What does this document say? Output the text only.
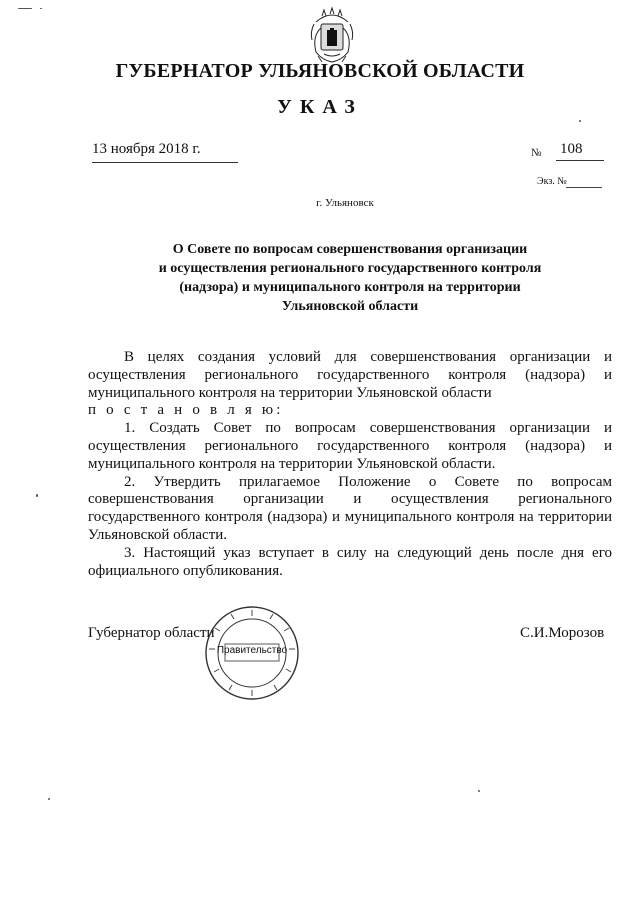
ГУБЕРНАТОР УЛЬЯНОВСКОЙ ОБЛАСТИ
УКАЗ
13 ноября 2018 г.	№ 108
Экз. №
г. Ульяновск
О Совете по вопросам совершенствования организации
и осуществления регионального государственного контроля
(надзора) и муниципального контроля на территории
Ульяновской области

В целях создания условий для совершенствования организации и осуществления регионального государственного контроля (надзора) и муниципального контроля на территории Ульяновской области

п о с т а н о в л я ю:

1. Создать Совет по вопросам совершенствования организации и осуществления регионального государственного контроля (надзора) и муниципального контроля на территории Ульяновской области.

2. Утвердить прилагаемое Положение о Совете по вопросам совершенствования организации и осуществления регионального государственного контроля (надзора) и муниципального контроля на территории Ульяновской области.

3. Настоящий указ вступает в силу на следующий день после дня его официального опубликования.

Губернатор области	С.И.Морозов
Правительство
